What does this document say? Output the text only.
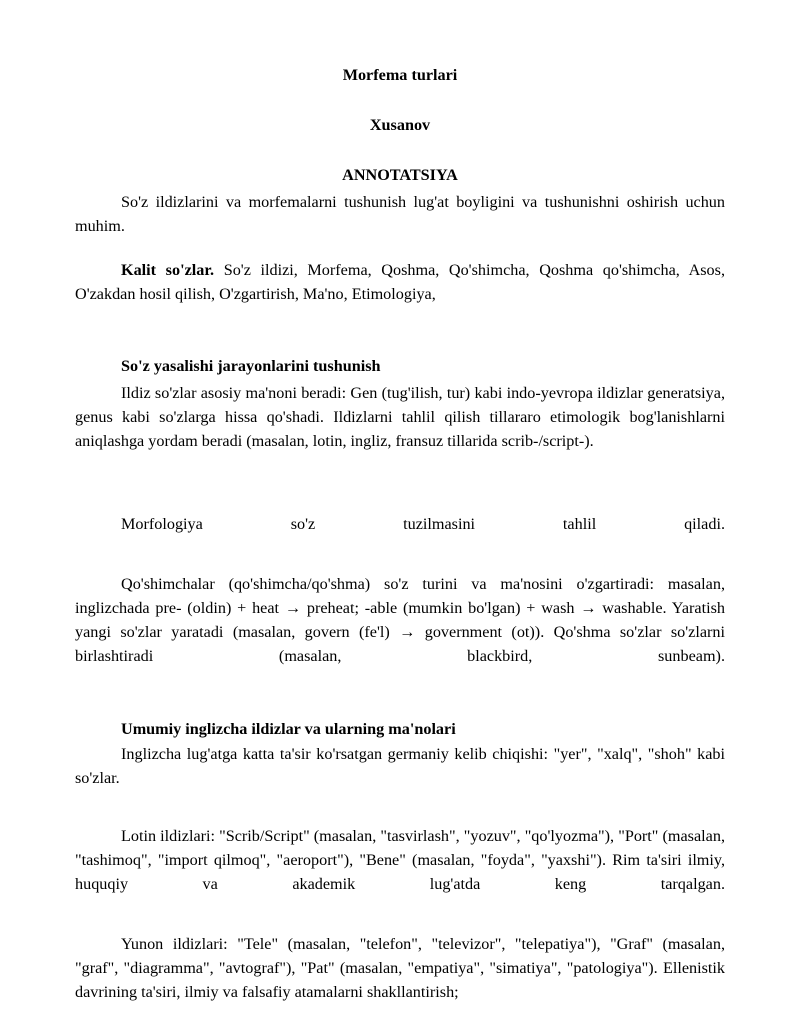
Morfema turlari
Xusanov
ANNOTATSIYA
So'z ildizlarini va morfemalarni tushunish lug'at boyligini va tushunishni oshirish uchun muhim.
Kalit so'zlar. So'z ildizi, Morfema, Qoshma, Qo'shimcha, Qoshma qo'shimcha, Asos, O'zakdan hosil qilish, O'zgartirish, Ma'no, Etimologiya,
So'z yasalishi jarayonlarini tushunish
Ildiz so'zlar asosiy ma'noni beradi: Gen (tug'ilish, tur) kabi indo-yevropa ildizlar generatsiya, genus kabi so'zlarga hissa qo'shadi. Ildizlarni tahlil qilish tillararo etimologik bog'lanishlarni aniqlashga yordam beradi (masalan, lotin, ingliz, fransuz tillarida scrib-/script-).
Morfologiya so'z tuzilmasini tahlil qiladi.
Qo'shimchalar (qo'shimcha/qo'shma) so'z turini va ma'nosini o'zgartiradi: masalan, inglizchada pre- (oldin) + heat → preheat; -able (mumkin bo'lgan) + wash → washable. Yaratish yangi so'zlar yaratadi (masalan, govern (fe'l) → government (ot)). Qo'shma so'zlar so'zlarni birlashtiradi (masalan, blackbird, sunbeam).
Umumiy inglizcha ildizlar va ularning ma'nolari
Inglizcha lug'atga katta ta'sir ko'rsatgan germaniy kelib chiqishi: "yer", "xalq", "shoh" kabi so'zlar.
Lotin ildizlari: "Scrib/Script" (masalan, "tasvirlash", "yozuv", "qo'lyozma"), "Port" (masalan, "tashimoq", "import qilmoq", "aeroport"), "Bene" (masalan, "foyda", "yaxshi"). Rim ta'siri ilmiy, huquqiy va akademik lug'atda keng tarqalgan.
Yunon ildizlari: "Tele" (masalan, "telefon", "televizor", "telepatiya"), "Graf" (masalan, "graf", "diagramma", "avtograf"), "Pat" (masalan, "empatiya", "simatiya", "patologiya"). Ellenistik davrining ta'siri, ilmiy va falsafiy atamalarni shakllantirish;
